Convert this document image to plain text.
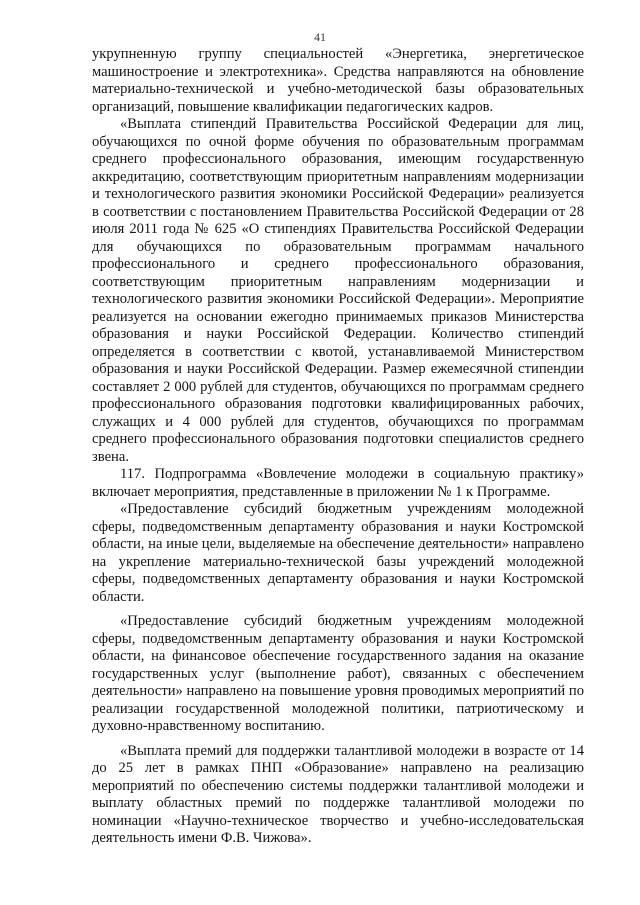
41

укрупненную группу специальностей «Энергетика, энергетическое машиностроение и электротехника». Средства направляются на обновление материально-технической и учебно-методической базы образовательных организаций, повышение квалификации педагогических кадров.

«Выплата стипендий Правительства Российской Федерации для лиц, обучающихся по очной форме обучения по образовательным программам среднего профессионального образования, имеющим государственную аккредитацию, соответствующим приоритетным направлениям модернизации и технологического развития экономики Российской Федерации» реализуется в соответствии с постановлением Правительства Российской Федерации от 28 июля 2011 года № 625 «О стипендиях Правительства Российской Федерации для обучающихся по образовательным программам начального профессионального и среднего профессионального образования, соответствующим приоритетным направлениям модернизации и технологического развития экономики Российской Федерации». Мероприятие реализуется на основании ежегодно принимаемых приказов Министерства образования и науки Российской Федерации. Количество стипендий определяется в соответствии с квотой, устанавливаемой Министерством образования и науки Российской Федерации. Размер ежемесячной стипендии составляет 2 000 рублей для студентов, обучающихся по программам среднего профессионального образования подготовки квалифицированных рабочих, служащих и 4 000 рублей для студентов, обучающихся по программам среднего профессионального образования подготовки специалистов среднего звена.

117. Подпрограмма «Вовлечение молодежи в социальную практику» включает мероприятия, представленные в приложении № 1 к Программе.

«Предоставление субсидий бюджетным учреждениям молодежной сферы, подведомственным департаменту образования и науки Костромской области, на иные цели, выделяемые на обеспечение деятельности» направлено на укрепление материально-технической базы учреждений молодежной сферы, подведомственных департаменту образования и науки Костромской области.

«Предоставление субсидий бюджетным учреждениям молодежной сферы, подведомственным департаменту образования и науки Костромской области, на финансовое обеспечение государственного задания на оказание государственных услуг (выполнение работ), связанных с обеспечением деятельности» направлено на повышение уровня проводимых мероприятий по реализации государственной молодежной политики, патриотическому и духовно-нравственному воспитанию.

«Выплата премий для поддержки талантливой молодежи в возрасте от 14 до 25 лет в рамках ПНП «Образование» направлено на реализацию мероприятий по обеспечению системы поддержки талантливой молодежи и выплату областных премий по поддержке талантливой молодежи по номинации «Научно-техническое творчество и учебно-исследовательская деятельность имени Ф.В. Чижова».
